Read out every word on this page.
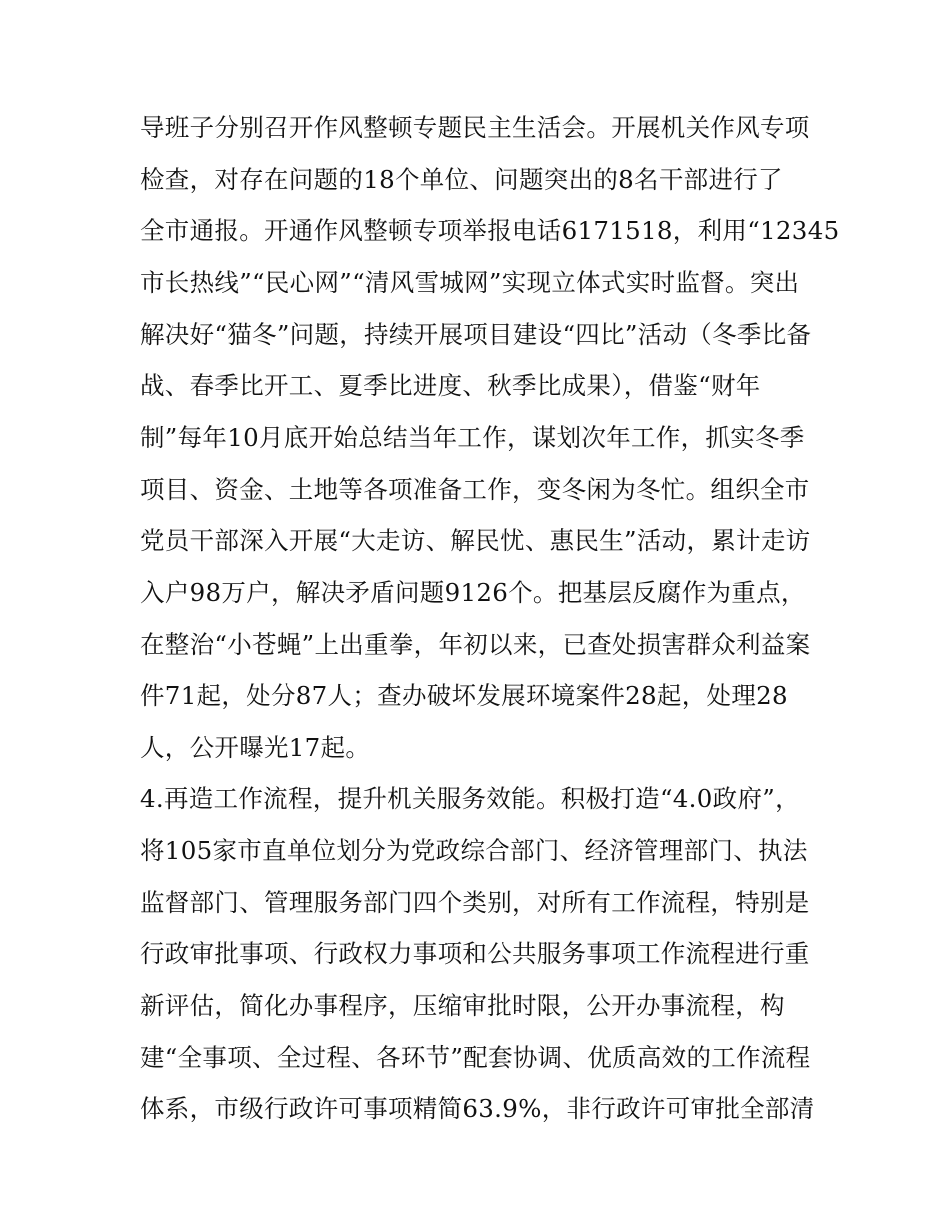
导班子分别召开作风整顿专题民主生活会。开展机关作风专项
检查，对存在问题的18个单位、问题突出的8名干部进行了
全市通报。开通作风整顿专项举报电话6171518，利用“12345
市长热线”“民心网”“清风雪城网”实现立体式实时监督。突出
解决好“猫冬”问题，持续开展项目建设“四比”活动（冬季比备
战、春季比开工、夏季比进度、秋季比成果），借鉴“财年
制”每年10月底开始总结当年工作，谋划次年工作，抓实冬季
项目、资金、土地等各项准备工作，变冬闲为冬忙。组织全市
党员干部深入开展“大走访、解民忧、惠民生”活动，累计走访
入户98万户，解决矛盾问题9126个。把基层反腐作为重点，
在整治“小苍蝇”上出重拳，年初以来，已查处损害群众利益案
件71起，处分87人；查办破坏发展环境案件28起，处理28
人，公开曝光17起。
4.再造工作流程，提升机关服务效能。积极打造“4.0政府”，
将105家市直单位划分为党政综合部门、经济管理部门、执法
监督部门、管理服务部门四个类别，对所有工作流程，特别是
行政审批事项、行政权力事项和公共服务事项工作流程进行重
新评估，简化办事程序，压缩审批时限，公开办事流程，构
建“全事项、全过程、各环节”配套协调、优质高效的工作流程
体系，市级行政许可事项精简63.9%，非行政许可审批全部清
